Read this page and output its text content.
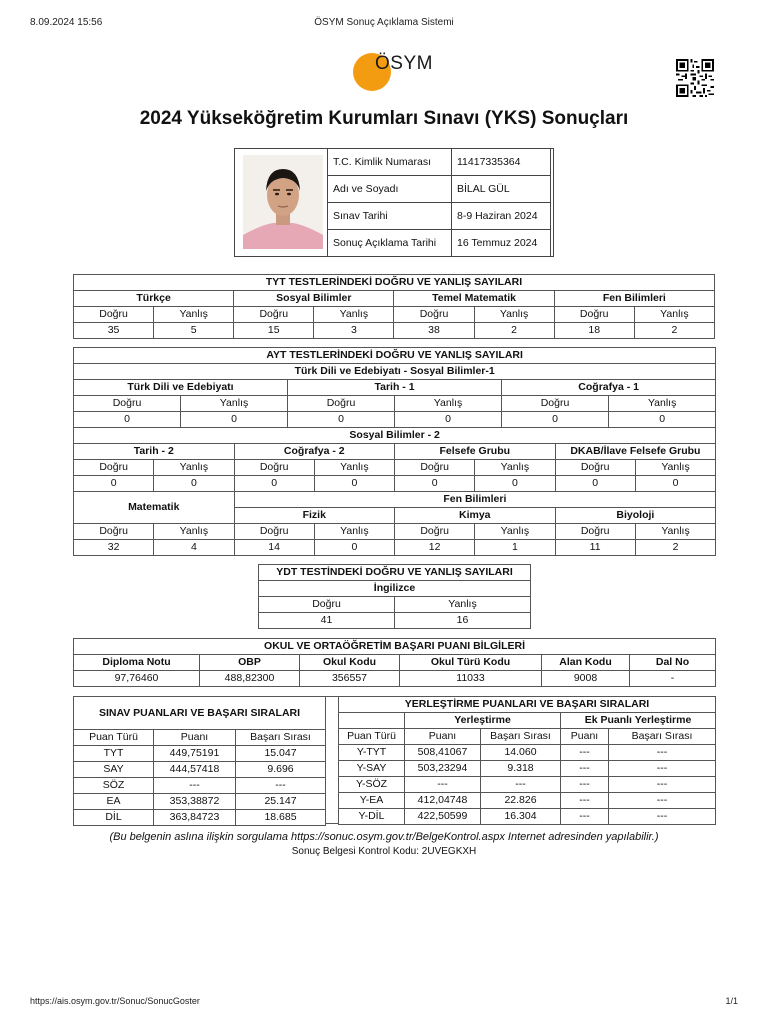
8.09.2024 15:56	ÖSYM Sonuç Açıklama Sistemi
ÖSYM
2024 Yükseköğretim Kurumları Sınavı (YKS) Sonuçları
T.C. Kimlik Numarası	11417335364
Adı ve Soyadı	BİLAL GÜL
Sınav Tarihi	8-9 Haziran 2024
Sonuç Açıklama Tarihi	16 Temmuz 2024
TYT TESTLERİNDEKİ DOĞRU VE YANLIŞ SAYILARI							
Türkçe		Sosyal Bilimler		Temel Matematik		Fen Bilimleri	
Doğru	Yanlış	Doğru	Yanlış	Doğru	Yanlış	Doğru	Yanlış
35	5	15	3	38	2	18	2
AYT TESTLERİNDEKİ DOĞRU VE YANLIŞ SAYILARI											
Türk Dili ve Edebiyatı - Sosyal Bilimler-1											
Türk Dili ve Edebiyatı				Tarih - 1				Coğrafya - 1			
Doğru		Yanlış		Doğru		Yanlış		Doğru		Yanlış	
0		0		0		0		0		0	
Sosyal Bilimler - 2											
Tarih - 2			Coğrafya - 2			Felsefe Grubu			DKAB/İlave Felsefe Grubu		
Doğru	Yanlış		Doğru		Yanlış	Doğru	Yanlış		Doğru		Yanlış
0	0		0		0	0	0		0		0
Matematik			Fen Bilimleri								
			Fizik			Kimya			Biyoloji		
Doğru	Yanlış		Doğru		Yanlış	Doğru	Yanlış		Doğru		Yanlış
32	4		14		0	12	1		11		2
YDT TESTİNDEKİ DOĞRU VE YANLIŞ SAYILARI	
İngilizce	
Doğru	Yanlış
41	16
OKUL VE ORTAÖĞRETİM BAŞARI PUANI BİLGİLERİ					
Diploma Notu	OBP	Okul Kodu	Okul Türü Kodu	Alan Kodu	Dal No
97,76460	488,82300	356557	11033	9008	-
SINAV PUANLARI VE BAŞARI SIRALARI		

Puan Türü	Puanı	Başarı Sırası
TYT	449,75191	15.047
SAY	444,57418	9.696
SÖZ	---	---
EA	353,38872	25.147
DİL	363,84723	18.685
YERLEŞTİRME PUANLARI VE BAŞARI SIRALARI				
	Yerleştirme		Ek Puanlı Yerleştirme	
Puan Türü	Puanı	Başarı Sırası	Puanı	Başarı Sırası
Y-TYT	508,41067	14.060	---	---
Y-SAY	503,23294	9.318	---	---
Y-SÖZ	---	---	---	---
Y-EA	412,04748	22.826	---	---
Y-DİL	422,50599	16.304	---	---
(Bu belgenin aslına ilişkin sorgulama https://sonuc.osym.gov.tr/BelgeKontrol.aspx Internet adresinden yapılabilir.)
Sonuç Belgesi Kontrol Kodu: 2UVEGKXH
https://ais.osym.gov.tr/Sonuc/SonucGoster	1/1
